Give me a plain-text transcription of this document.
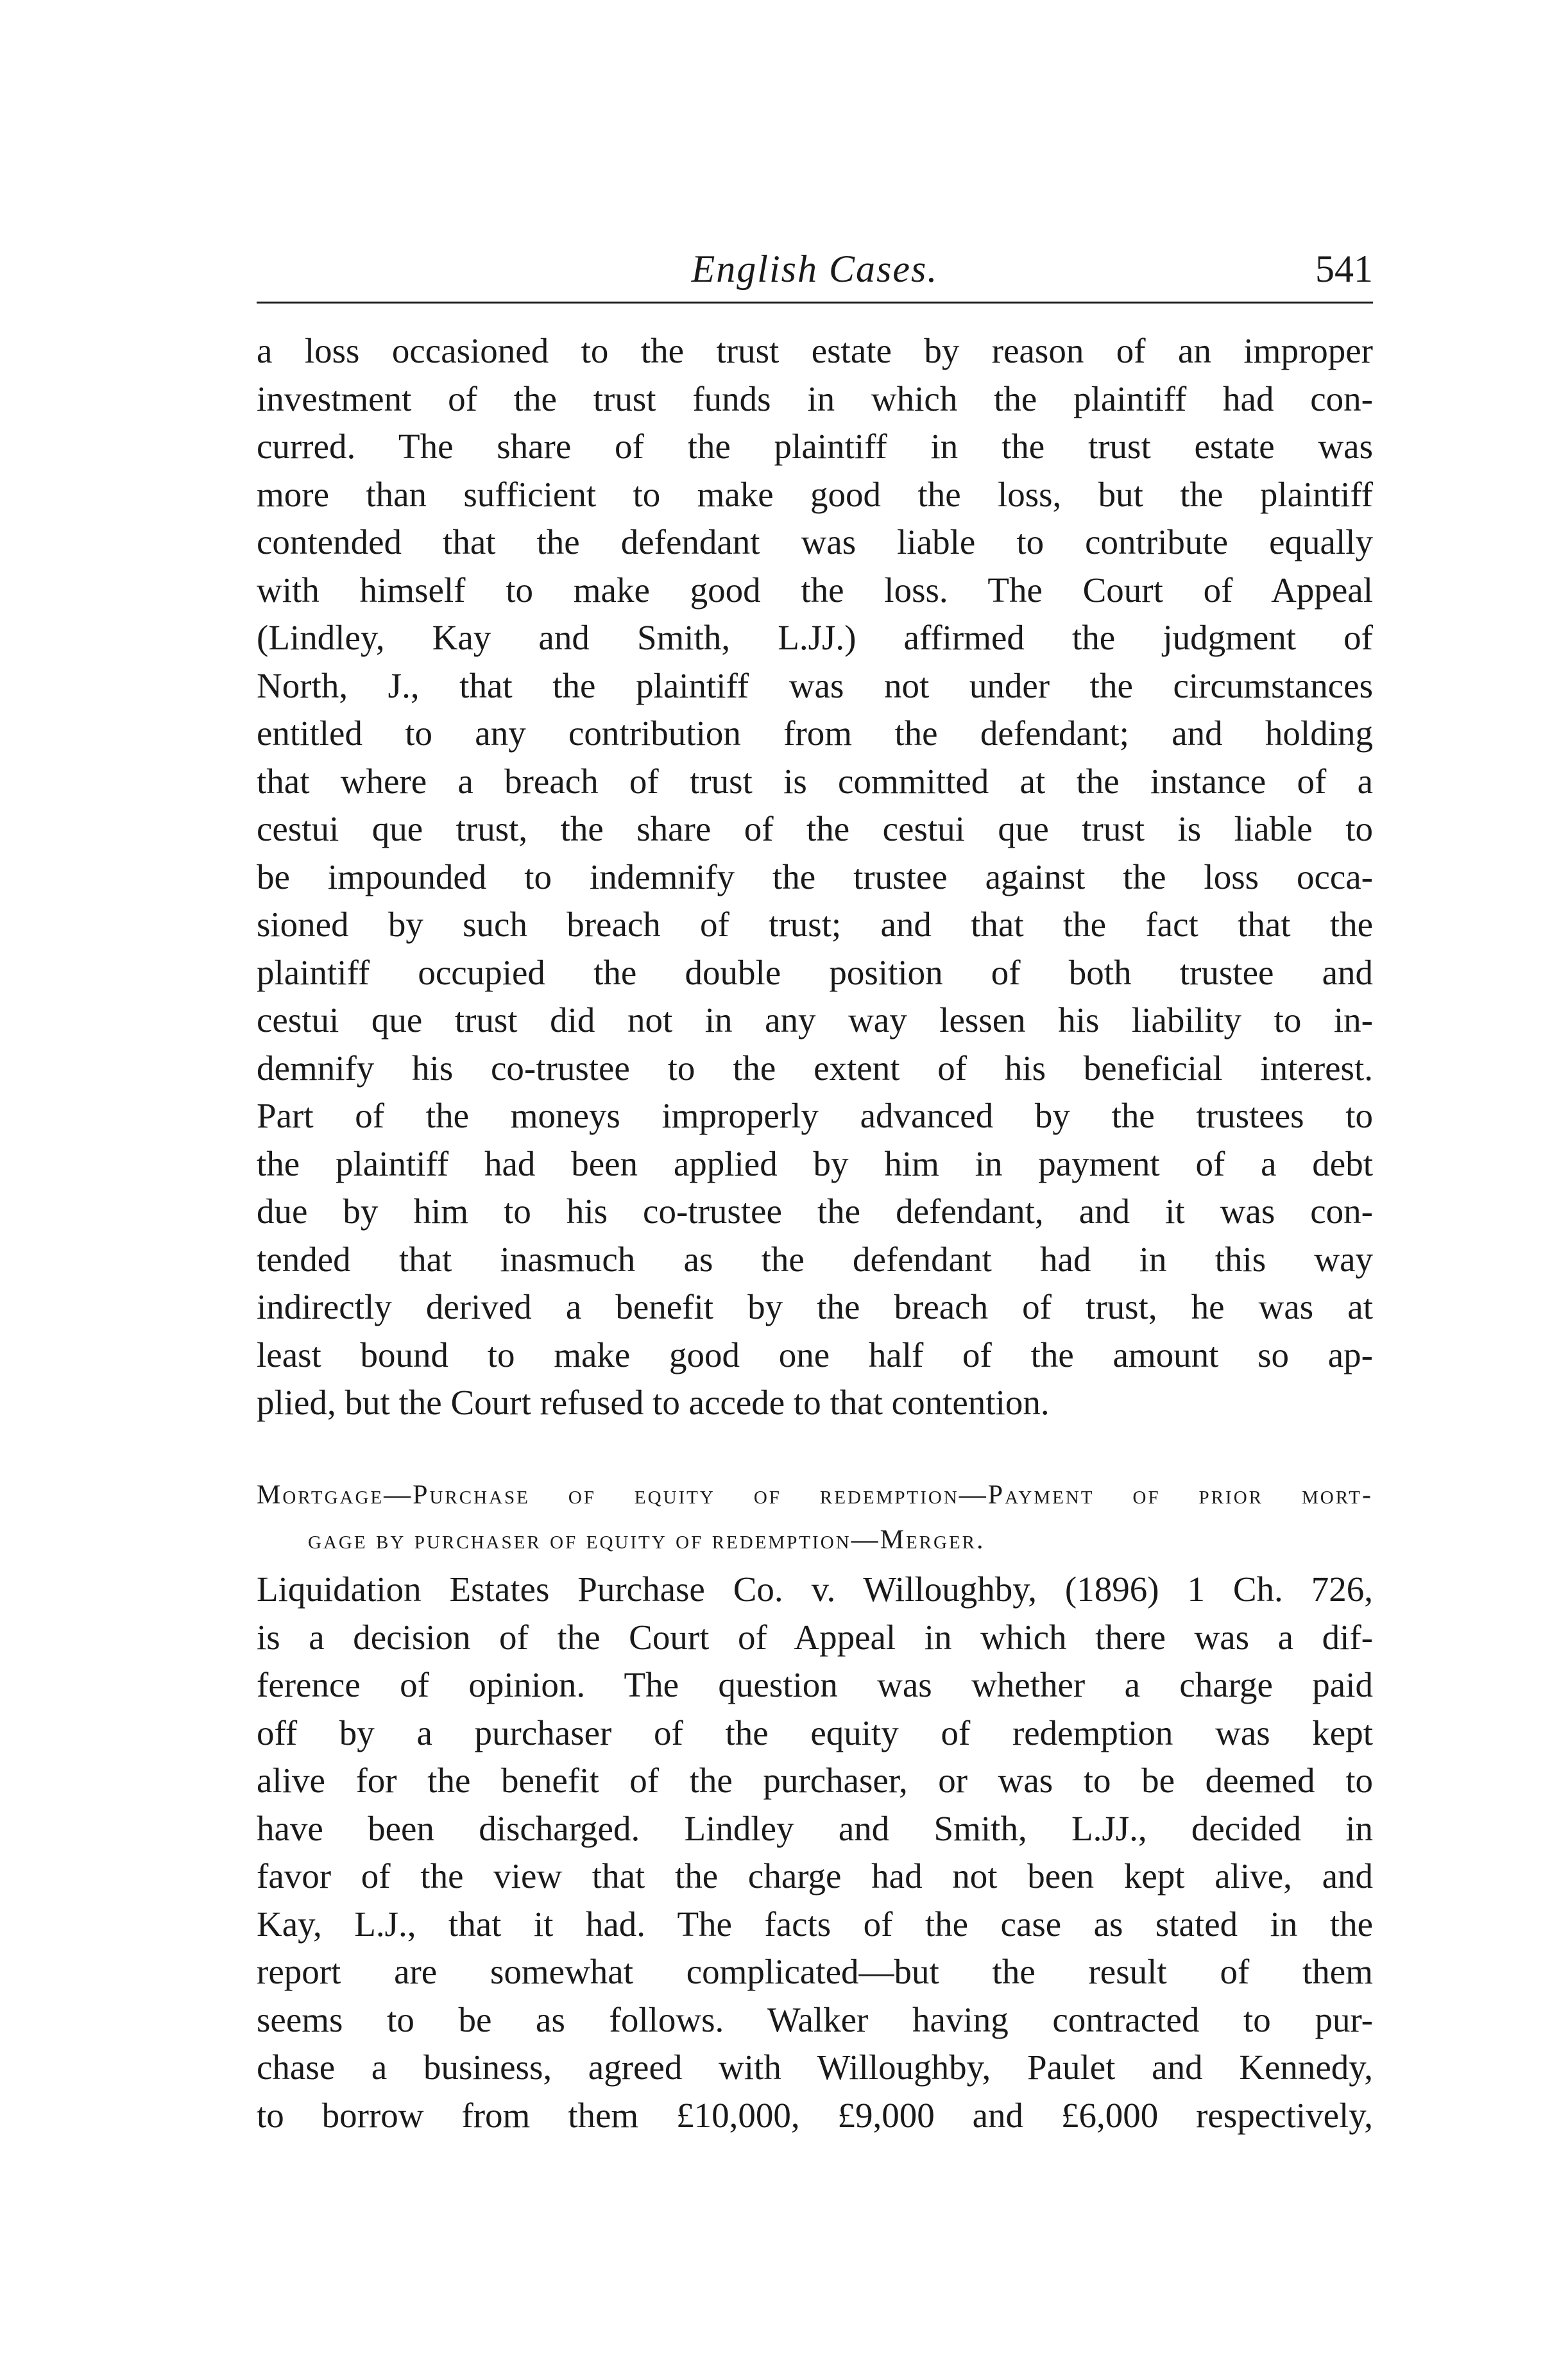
English Cases.	541
a loss occasioned to the trust estate by reason of an improper
investment of the trust funds in which the plaintiff had con-
curred. The share of the plaintiff in the trust estate was
more than sufficient to make good the loss, but the plaintiff
contended that the defendant was liable to contribute equally
with himself to make good the loss. The Court of Appeal
(Lindley, Kay and Smith, L.JJ.) affirmed the judgment of
North, J., that the plaintiff was not under the circumstances
entitled to any contribution from the defendant; and holding
that where a breach of trust is committed at the instance of a
cestui que trust, the share of the cestui que trust is liable to
be impounded to indemnify the trustee against the loss occa-
sioned by such breach of trust; and that the fact that the
plaintiff occupied the double position of both trustee and
cestui que trust did not in any way lessen his liability to in-
demnify his co-trustee to the extent of his beneficial interest.
Part of the moneys improperly advanced by the trustees to
the plaintiff had been applied by him in payment of a debt
due by him to his co-trustee the defendant, and it was con-
tended that inasmuch as the defendant had in this way
indirectly derived a benefit by the breach of trust, he was at
least bound to make good one half of the amount so ap-
plied, but the Court refused to accede to that contention.
Mortgage—Purchase of equity of redemption—Payment of prior mort-
gage by purchaser of equity of redemption—Merger.
Liquidation Estates Purchase Co. v. Willoughby, (1896) 1 Ch. 726,
is a decision of the Court of Appeal in which there was a dif-
ference of opinion. The question was whether a charge paid
off by a purchaser of the equity of redemption was kept
alive for the benefit of the purchaser, or was to be deemed to
have been discharged. Lindley and Smith, L.JJ., decided in
favor of the view that the charge had not been kept alive, and
Kay, L.J., that it had. The facts of the case as stated in the
report are somewhat complicated—but the result of them
seems to be as follows. Walker having contracted to pur-
chase a business, agreed with Willoughby, Paulet and Kennedy,
to borrow from them £10,000, £9,000 and £6,000 respectively,
